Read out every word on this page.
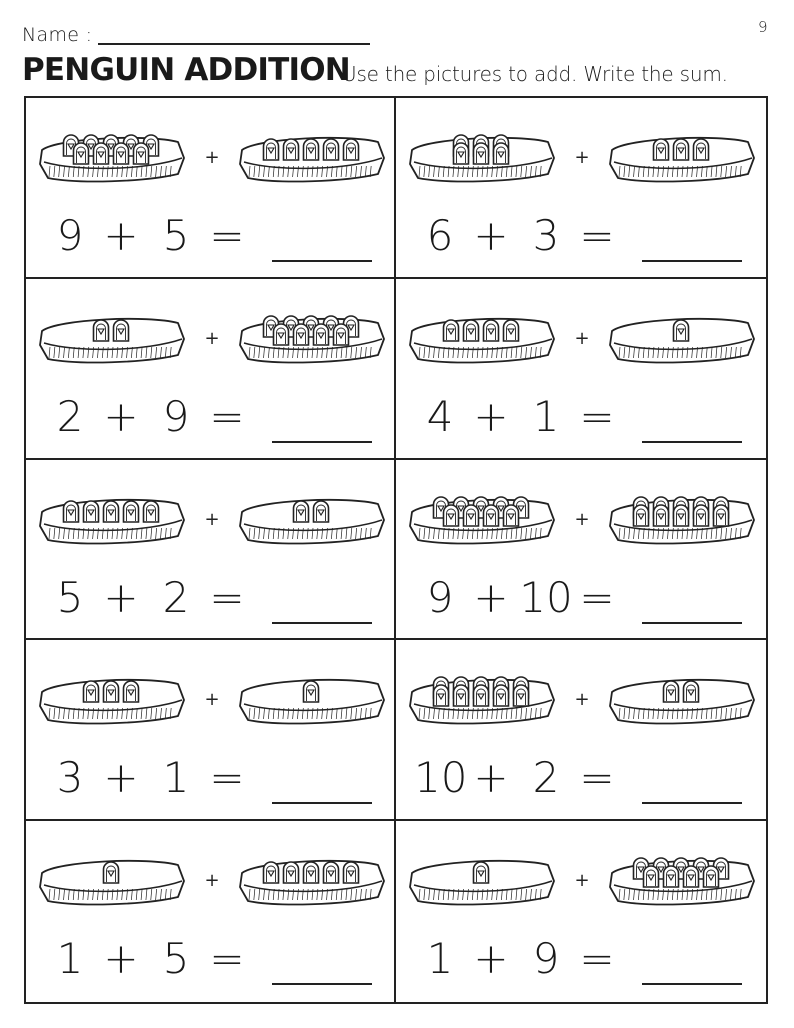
Name :	9
PENGUIN ADDITION
Use the pictures to add. Write the sum.
+
9 + 5 =
+
6 + 3 =
+
2 + 9 =
+
4 + 1 =
+
5 + 2 =
+
9 + 10 =
+
3 + 1 =
+
10 + 2 =
+
1 + 5 =
+
1 + 9 =
